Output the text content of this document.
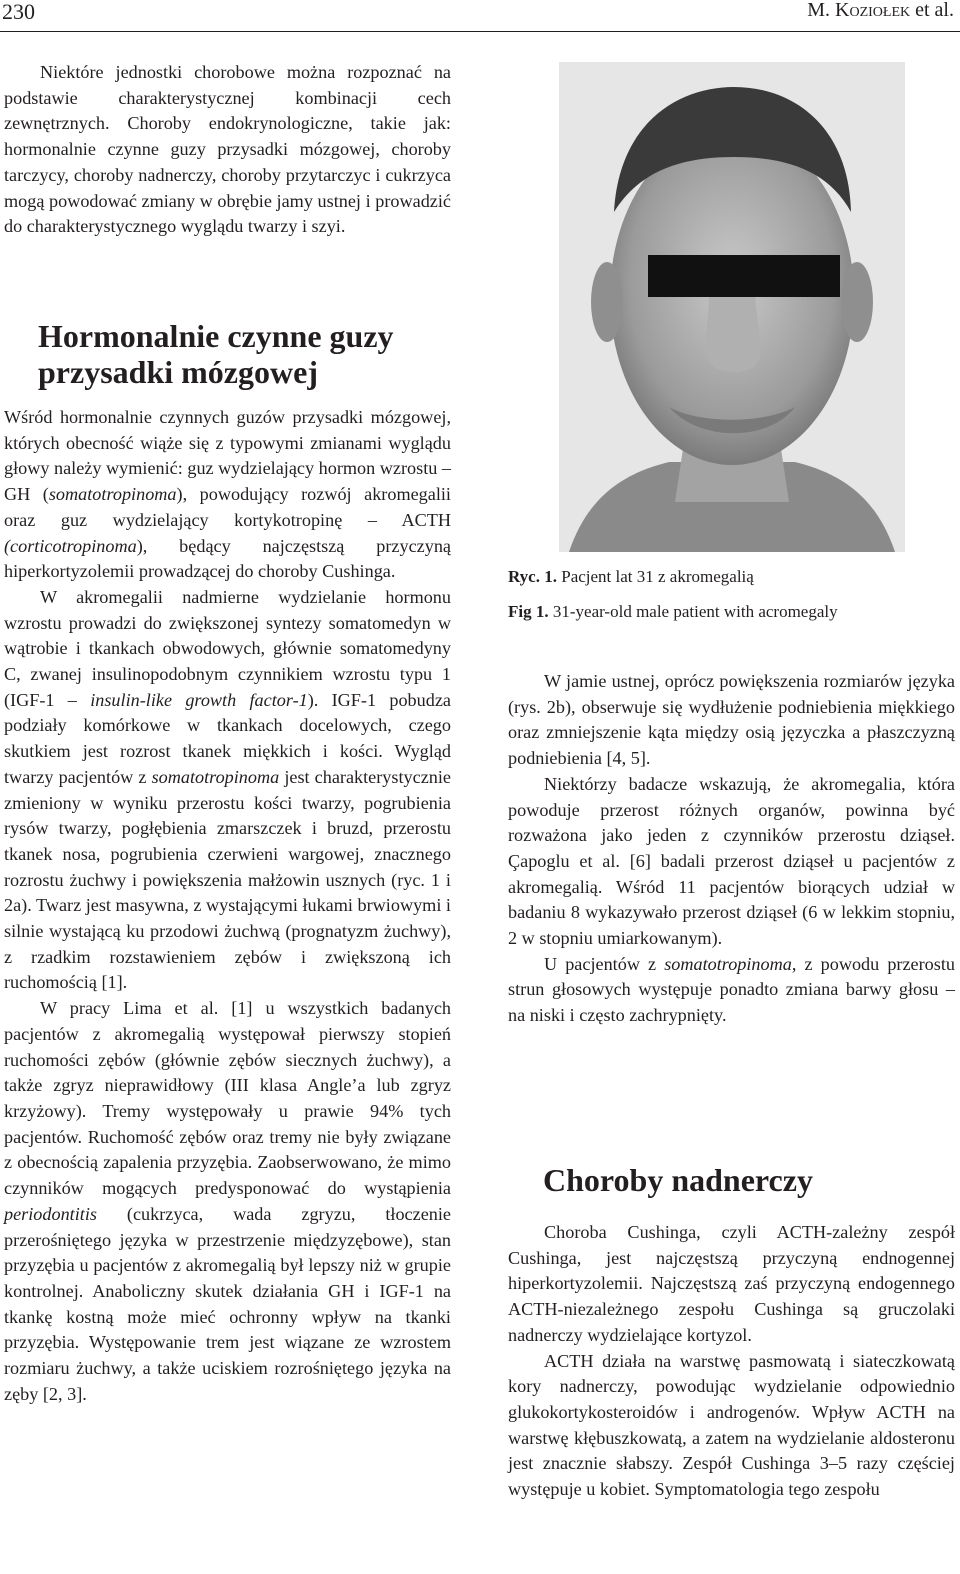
230	M. Koziołek et al.

Niektóre jednostki chorobowe można rozpoznać na podstawie charakterystycznej kombinacji cech zewnętrznych. Choroby endokrynologiczne, takie jak: hormonalnie czynne guzy przysadki mózgowej, choroby tarczycy, choroby nadnerczy, choroby przytarczyc i cukrzyca mogą powodować zmiany w obrębie jamy ustnej i prowadzić do charakterystycznego wyglądu twarzy i szyi.

Hormonalnie czynne guzy przysadki mózgowej

Wśród hormonalnie czynnych guzów przysadki mózgowej, których obecność wiąże się z typowymi zmianami wyglądu głowy należy wymienić: guz wydzielający hormon wzrostu – GH (somatotropinoma), powodujący rozwój akromegalii oraz guz wydzielający kortykotropinę – ACTH (corticotropinoma), będący najczęstszą przyczyną hiperkortyzolemii prowadzącej do choroby Cushinga.

W akromegalii nadmierne wydzielanie hormonu wzrostu prowadzi do zwiększonej syntezy somatomedyn w wątrobie i tkankach obwodowych, głównie somatomedyny C, zwanej insulinopodobnym czynnikiem wzrostu typu 1 (IGF-1 – insulin-like growth factor-1). IGF-1 pobudza podziały komórkowe w tkankach docelowych, czego skutkiem jest rozrost tkanek miękkich i kości. Wygląd twarzy pacjentów z somatotropinoma jest charakterystycznie zmieniony w wyniku przerostu kości twarzy, pogrubienia rysów twarzy, pogłębienia zmarszczek i bruzd, przerostu tkanek nosa, pogrubienia czerwieni wargowej, znacznego rozrostu żuchwy i powiększenia małżowin usznych (ryc. 1 i 2a). Twarz jest masywna, z wystającymi łukami brwiowymi i silnie wystającą ku przodowi żuchwą (prognatyzm żuchwy), z rzadkim rozstawieniem zębów i zwiększoną ich ruchomością [1].

W pracy Lima et al. [1] u wszystkich badanych pacjentów z akromegalią występował pierwszy stopień ruchomości zębów (głównie zębów siecznych żuchwy), a także zgryz nieprawidłowy (III klasa Angle’a lub zgryz krzyżowy). Tremy występowały u prawie 94% tych pacjentów. Ruchomość zębów oraz tremy nie były związane z obecnością zapalenia przyzębia. Zaobserwowano, że mimo czynników mogących predysponować do wystąpienia periodontitis (cukrzyca, wada zgryzu, tłoczenie przerośniętego języka w przestrzenie międzyzębowe), stan przyzębia u pacjentów z akromegalią był lepszy niż w grupie kontrolnej. Anaboliczny skutek działania GH i IGF-1 na tkankę kostną może mieć ochronny wpływ na tkanki przyzębia. Występowanie trem jest wiązane ze wzrostem rozmiaru żuchwy, a także uciskiem rozrośniętego języka na zęby [2, 3].

Ryc. 1. Pacjent lat 31 z akromegalią
Fig 1. 31-year-old male patient with acromegaly

W jamie ustnej, oprócz powiększenia rozmiarów języka (rys. 2b), obserwuje się wydłużenie podniebienia miękkiego oraz zmniejszenie kąta między osią języczka a płaszczyzną podniebienia [4, 5].

Niektórzy badacze wskazują, że akromegalia, która powoduje przerost różnych organów, powinna być rozważona jako jeden z czynników przerostu dziąseł. Çapoglu et al. [6] badali przerost dziąseł u pacjentów z akromegalią. Wśród 11 pacjentów biorących udział w badaniu 8 wykazywało przerost dziąseł (6 w lekkim stopniu, 2 w stopniu umiarkowanym).

U pacjentów z somatotropinoma, z powodu przerostu strun głosowych występuje ponadto zmiana barwy głosu – na niski i często zachrypnięty.

Choroby nadnerczy

Choroba Cushinga, czyli ACTH-zależny zespół Cushinga, jest najczęstszą przyczyną endnogennej hiperkortyzolemii. Najczęstszą zaś przyczyną endogennego ACTH-niezależnego zespołu Cushinga są gruczolaki nadnerczy wydzielające kortyzol.

ACTH działa na warstwę pasmowatą i siateczkowatą kory nadnerczy, powodując wydzielanie odpowiednio glukokortykosteroidów i androgenów. Wpływ ACTH na warstwę kłębuszkowatą, a zatem na wydzielanie aldosteronu jest znacznie słabszy. Zespół Cushinga 3–5 razy częściej występuje u kobiet. Symptomatologia tego zespołu
